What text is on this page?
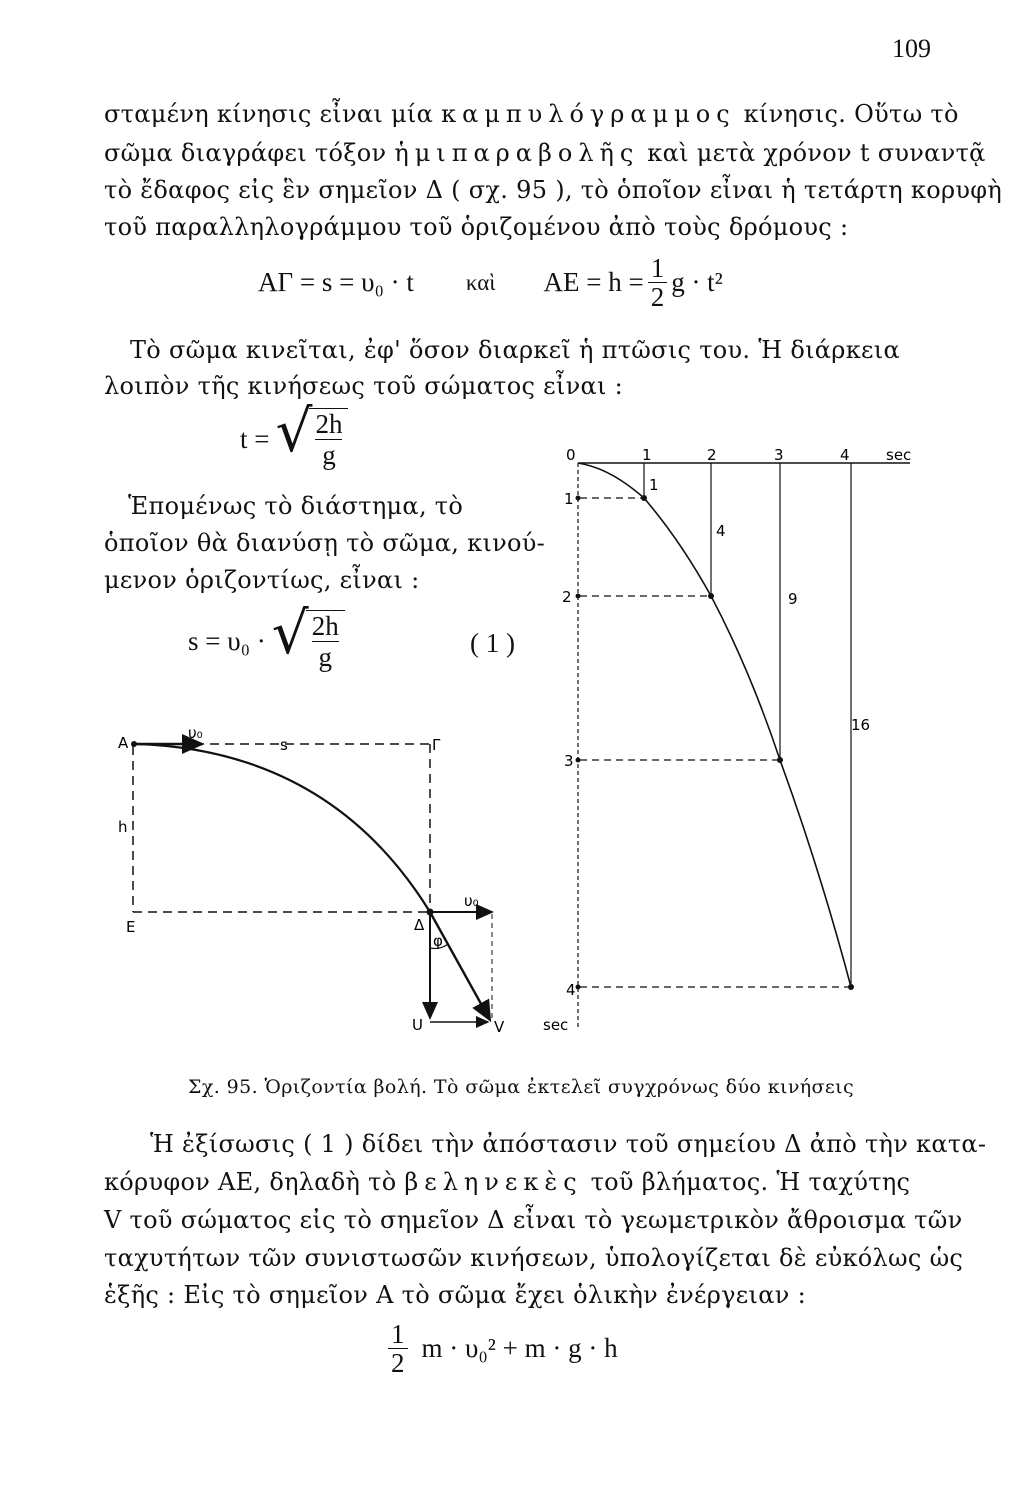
109
σταμένη κίνησις εἶναι μία καμπυλόγραμμος κίνησις. Οὕτω τὸ
σῶμα διαγράφει τόξον ἡμιπαραβολῆς καὶ μετὰ χρόνον t συναντᾷ
τὸ ἔδαφος εἰς ἓν σημεῖον Δ ( σχ. 95 ), τὸ ὁποῖον εἶναι ἡ τετάρτη κορυφὴ
τοῦ παραλληλογράμμου τοῦ ὁριζομένου ἀπὸ τοὺς δρόμους :
ΑΓ = s = υ₀ · t καὶ $AE = h = \frac{1}{2}$ g · t²
Τὸ σῶμα κινεῖται, ἐφ' ὅσον διαρκεῖ ἡ πτῶσις του. Ἡ διάρκεια
λοιπὸν τῆς κινήσεως τοῦ σώματος εἶναι :
t = √
$\frac{2h}{g}$
Ἑπομένως τὸ διάστημα, τὸ
ὁποῖον θὰ διανύσῃ τὸ σῶμα, κινού-
μενον ὁριζοντίως, εἶναι :
s = υ₀ · √
$\frac{2h}{g}$	( 1 )
A
υ₀
s	Γ
h
Ε	Δ
υ₀
φ
U	V
0	1	2	3	4 sec
1
2
3
4
sec
1
4
9
16
Σχ. 95. Ὁριζοντία βολή. Τὸ σῶμα ἐκτελεῖ συγχρόνως δύο κινήσεις
Ἡ ἐξίσωσις ( 1 ) δίδει τὴν ἀπόστασιν τοῦ σημείου Δ ἀπὸ τὴν κατα-
κόρυφον ΑΕ, δηλαδὴ τὸ βεληνεκὲς τοῦ βλήματος. Ἡ ταχύτης
V τοῦ σώματος εἰς τὸ σημεῖον Δ εἶναι τὸ γεωμετρικὸν ἄθροισμα τῶν
ταχυτήτων τῶν συνιστωσῶν κινήσεων, ὑπολογίζεται δὲ εὐκόλως ὡς
ἑξῆς : Εἰς τὸ σημεῖον Α τὸ σῶμα ἔχει ὁλικὴν ἐνέργειαν :
$\frac{1}{2}$ m · υ₀² + m · g · h
